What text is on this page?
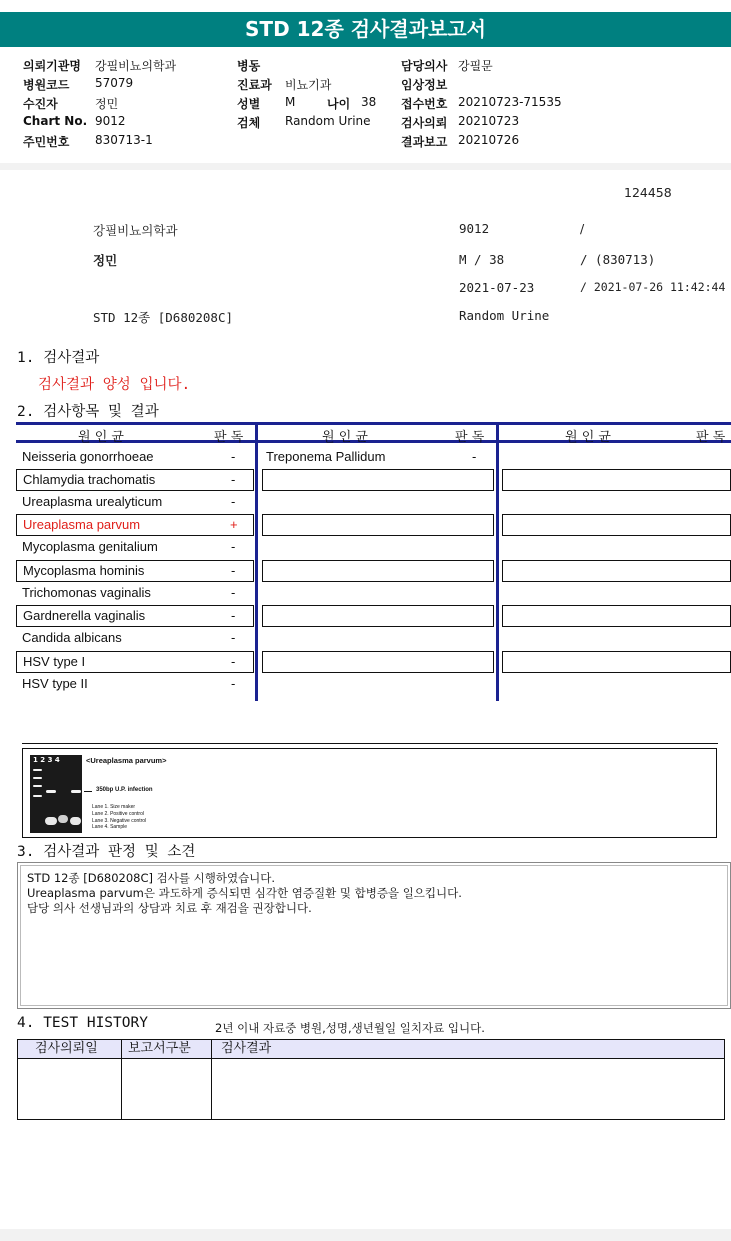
STD 12종 검사결과보고서
의뢰기관명 강필비뇨의학과
병원코드 57079
수진자	정민
Chart No. 9012
주민번호 830713-1
병동
진료과 비뇨기과
성별 M	나이 38
검체 Random Urine
담당의사 강필문
임상정보
접수번호 20210723-71535
검사의뢰 20210723
결과보고 20210726
124458
강필비뇨의학과	9012	/
정민	M / 38	/ (830713)
2021-07-23	/ 2021-07-26 11:42:44
STD 12종 [D680208C]	Random Urine
1. 검사결과
검사결과 양성 입니다.
2. 검사항목 및 결과
원 인 균	판 독
Neisseria gonorrhoeae	-
Chlamydia trachomatis	-
Ureaplasma urealyticum	-
Ureaplasma parvum	+
Mycoplasma genitalium	-
Mycoplasma hominis	-
Trichomonas vaginalis	-
Gardnerella vaginalis	-
Candida albicans	-
HSV type I	-
HSV type II	-
원 인 균	판 독
Treponema Pallidum	-
원 인 균	판 독
1 2 3 4	<Ureaplasma parvum>
350bp U.P. infection
Lane 1. Size maker
Lane 2. Positive control
Lane 3. Negative control
Lane 4. Sample
3. 검사결과 판정 및 소견
STD 12종 [D680208C] 검사를 시행하였습니다.
Ureaplasma parvum은 과도하게 증식되면 심각한 염증질환 및 합병증을 일으킵니다.
담당 의사 선생님과의 상담과 치료 후 재검을 권장합니다.
4. TEST HISTORY	2년 이내 자료중 병원,성명,생년월일 일치자료 입니다.
검사의뢰일 보고서구분 검사결과
